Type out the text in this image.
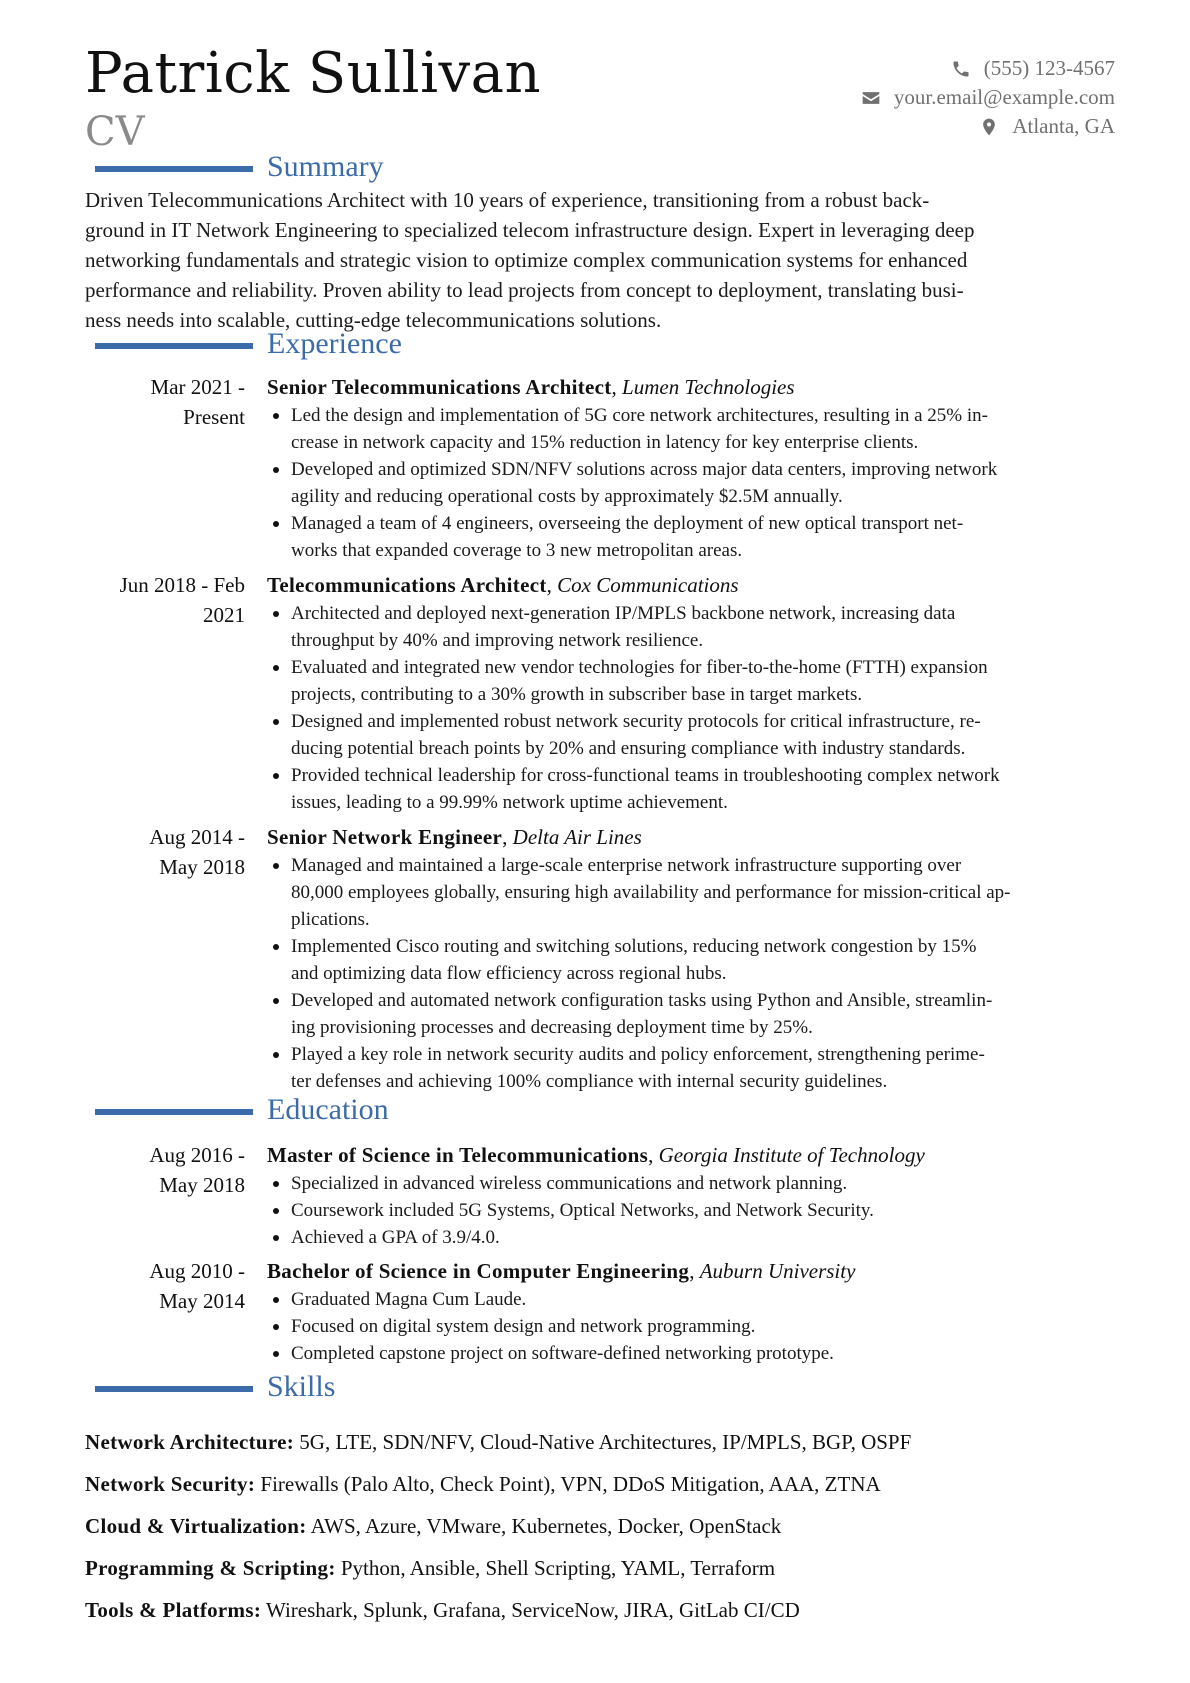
Patrick Sullivan
CV
(555) 123-4567
your.email@example.com
Atlanta, GA
Summary
Driven Telecommunications Architect with 10 years of experience, transitioning from a robust back-
ground in IT Network Engineering to specialized telecom infrastructure design. Expert in leveraging deep
networking fundamentals and strategic vision to optimize complex communication systems for enhanced
performance and reliability. Proven ability to lead projects from concept to deployment, translating busi-
ness needs into scalable, cutting-edge telecommunications solutions.
Experience
Mar 2021 -
Present
Senior Telecommunications Architect, Lumen Technologies
Led the design and implementation of 5G core network architectures, resulting in a 25% in-
crease in network capacity and 15% reduction in latency for key enterprise clients.
Developed and optimized SDN/NFV solutions across major data centers, improving network
agility and reducing operational costs by approximately $2.5M annually.
Managed a team of 4 engineers, overseeing the deployment of new optical transport net-
works that expanded coverage to 3 new metropolitan areas.
Jun 2018 - Feb
2021
Telecommunications Architect, Cox Communications
Architected and deployed next-generation IP/MPLS backbone network, increasing data
throughput by 40% and improving network resilience.
Evaluated and integrated new vendor technologies for fiber-to-the-home (FTTH) expansion
projects, contributing to a 30% growth in subscriber base in target markets.
Designed and implemented robust network security protocols for critical infrastructure, re-
ducing potential breach points by 20% and ensuring compliance with industry standards.
Provided technical leadership for cross-functional teams in troubleshooting complex network
issues, leading to a 99.99% network uptime achievement.
Aug 2014 -
May 2018
Senior Network Engineer, Delta Air Lines
Managed and maintained a large-scale enterprise network infrastructure supporting over
80,000 employees globally, ensuring high availability and performance for mission-critical ap-
plications.
Implemented Cisco routing and switching solutions, reducing network congestion by 15%
and optimizing data flow efficiency across regional hubs.
Developed and automated network configuration tasks using Python and Ansible, streamlin-
ing provisioning processes and decreasing deployment time by 25%.
Played a key role in network security audits and policy enforcement, strengthening perime-
ter defenses and achieving 100% compliance with internal security guidelines.
Education
Aug 2016 -
May 2018
Master of Science in Telecommunications, Georgia Institute of Technology
Specialized in advanced wireless communications and network planning.
Coursework included 5G Systems, Optical Networks, and Network Security.
Achieved a GPA of 3.9/4.0.
Aug 2010 -
May 2014
Bachelor of Science in Computer Engineering, Auburn University
Graduated Magna Cum Laude.
Focused on digital system design and network programming.
Completed capstone project on software-defined networking prototype.
Skills
Network Architecture: 5G, LTE, SDN/NFV, Cloud-Native Architectures, IP/MPLS, BGP, OSPF
Network Security: Firewalls (Palo Alto, Check Point), VPN, DDoS Mitigation, AAA, ZTNA
Cloud & Virtualization: AWS, Azure, VMware, Kubernetes, Docker, OpenStack
Programming & Scripting: Python, Ansible, Shell Scripting, YAML, Terraform
Tools & Platforms: Wireshark, Splunk, Grafana, ServiceNow, JIRA, GitLab CI/CD
